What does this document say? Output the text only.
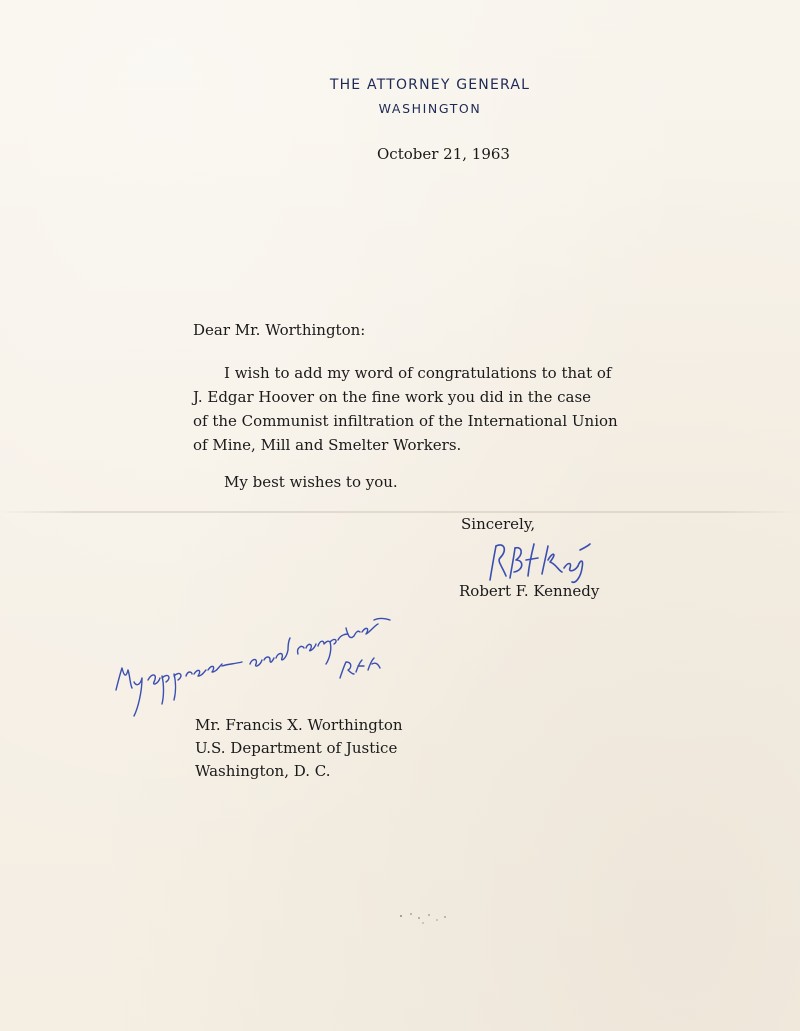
THE ATTORNEY GENERAL
WASHINGTON
October 21, 1963
Dear Mr. Worthington:
I wish to add my word of congratulations to that of
J. Edgar Hoover on the fine work you did in the case
of the Communist infiltration of the International Union
of Mine, Mill and Smelter Workers.
My best wishes to you.
Sincerely,
Robert F. Kennedy
Mr. Francis X. Worthington
U.S. Department of Justice
Washington, D. C.
